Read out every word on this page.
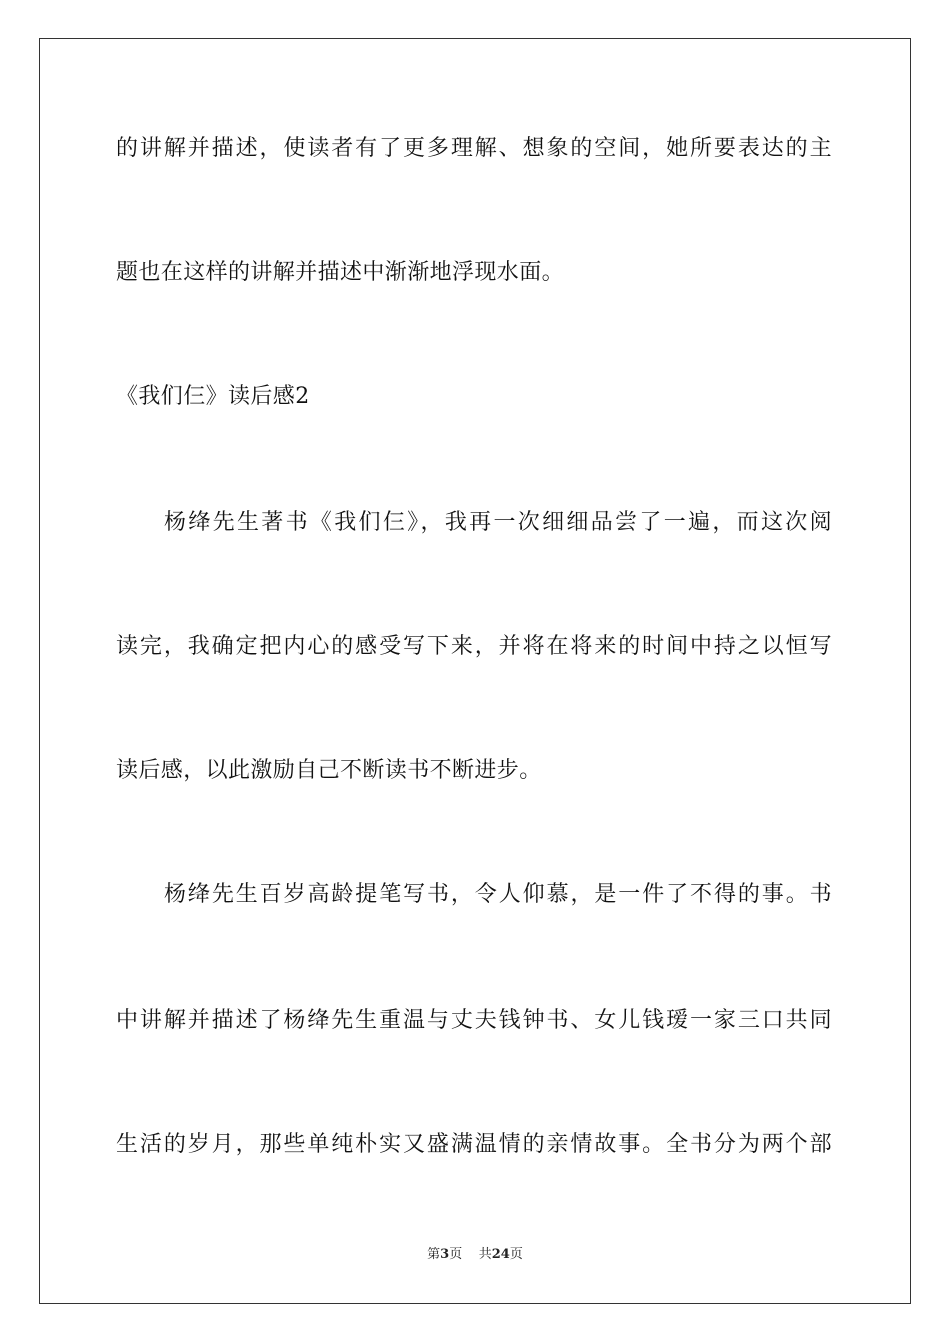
的讲解并描述，使读者有了更多理解、想象的空间，她所要表达的主
题也在这样的讲解并描述中渐渐地浮现水面。
《我们仨》读后感2
杨绛先生著书《我们仨》，我再一次细细品尝了一遍，而这次阅
读完，我确定把内心的感受写下来，并将在将来的时间中持之以恒写
读后感，以此激励自己不断读书不断进步。
杨绛先生百岁高龄提笔写书，令人仰慕，是一件了不得的事。书
中讲解并描述了杨绛先生重温与丈夫钱钟书、女儿钱瑷一家三口共同
生活的岁月，那些单纯朴实又盛满温情的亲情故事。全书分为两个部
第3页 共24页
